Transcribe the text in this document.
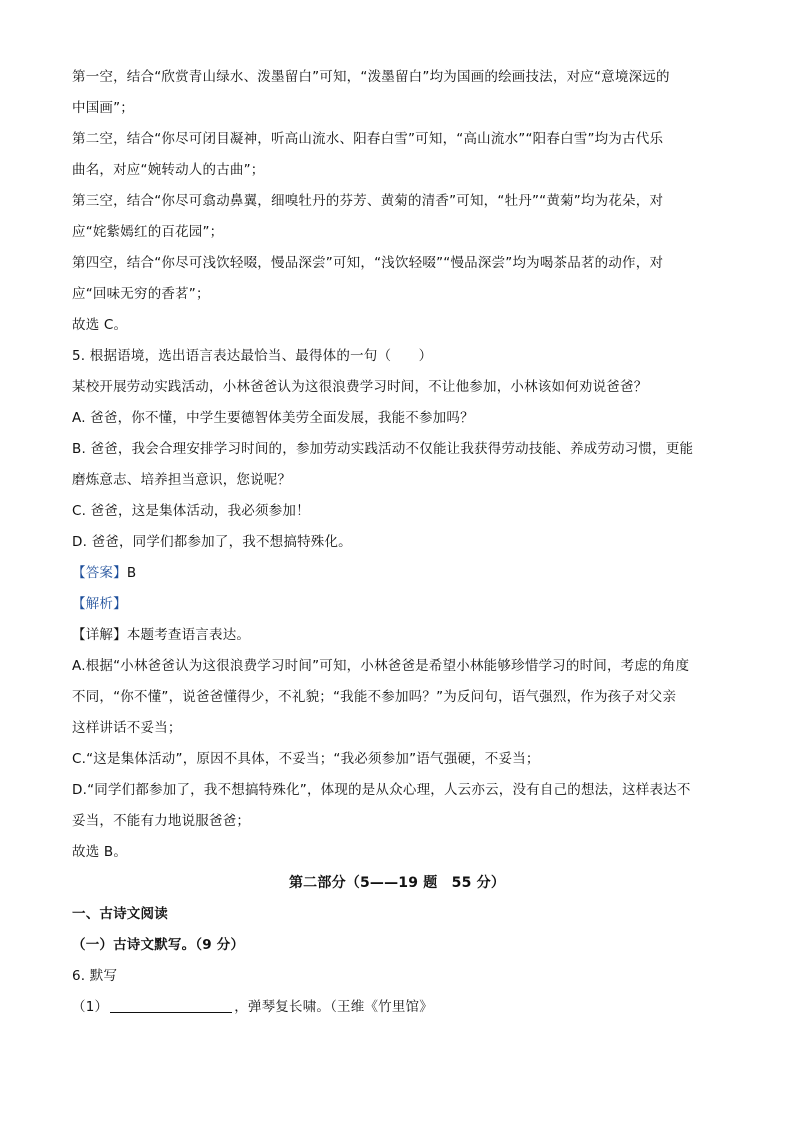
第一空，结合“欣赏青山绿水、泼墨留白”可知，“泼墨留白”均为国画的绘画技法，对应“意境深远的
中国画”；
第二空，结合“你尽可闭目凝神，听高山流水、阳春白雪”可知，“高山流水”“阳春白雪”均为古代乐
曲名，对应“婉转动人的古曲”；
第三空，结合“你尽可翕动鼻翼，细嗅牡丹的芬芳、黄菊的清香”可知，“牡丹”“黄菊”均为花朵，对
应“姹紫嫣红的百花园”；
第四空，结合“你尽可浅饮轻啜，慢品深尝”可知，“浅饮轻啜”“慢品深尝”均为喝茶品茗的动作，对
应“回味无穷的香茗”；
故选 C。
5. 根据语境，选出语言表达最恰当、最得体的一句（　　）
某校开展劳动实践活动，小林爸爸认为这很浪费学习时间，不让他参加，小林该如何劝说爸爸？
A. 爸爸，你不懂，中学生要德智体美劳全面发展，我能不参加吗？
B. 爸爸，我会合理安排学习时间的，参加劳动实践活动不仅能让我获得劳动技能、养成劳动习惯，更能
磨炼意志、培养担当意识，您说呢？
C. 爸爸，这是集体活动，我必须参加！
D. 爸爸，同学们都参加了，我不想搞特殊化。
【答案】B
【解析】
【详解】本题考查语言表达。
A.根据“小林爸爸认为这很浪费学习时间”可知，小林爸爸是希望小林能够珍惜学习的时间，考虑的角度
不同，“你不懂”，说爸爸懂得少，不礼貌；“我能不参加吗？”为反问句，语气强烈，作为孩子对父亲
这样讲话不妥当；
C.“这是集体活动”，原因不具体，不妥当；“我必须参加”语气强硬，不妥当；
D.“同学们都参加了，我不想搞特殊化”，体现的是从众心理，人云亦云，没有自己的想法，这样表达不
妥当，不能有力地说服爸爸；
故选 B。
第二部分（5——19 题　55 分）
一、古诗文阅读
（一）古诗文默写。（9 分）
6. 默写
（1）	，弹琴复长啸。（王维《竹里馆》
